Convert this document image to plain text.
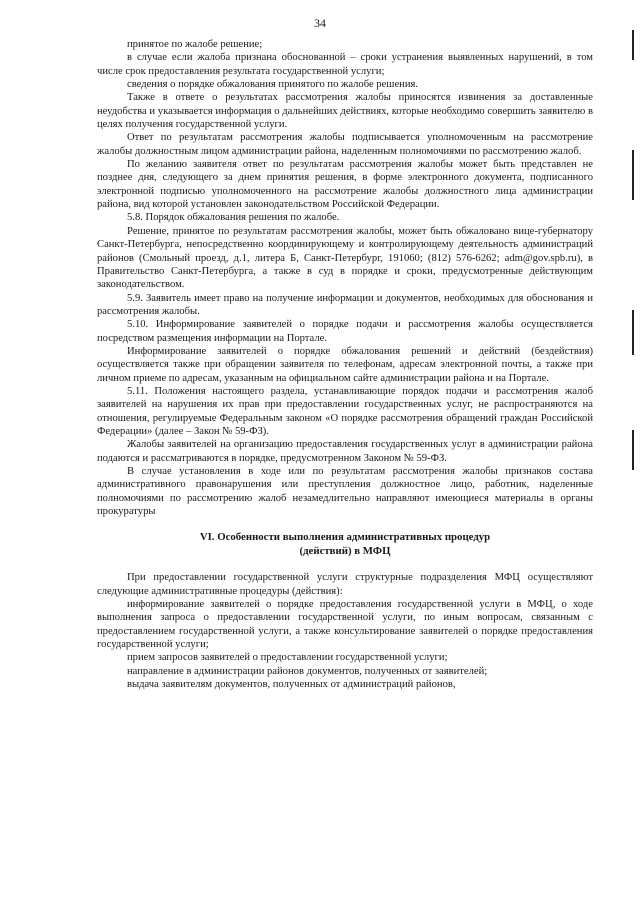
34

принятое по жалобе решение;

в случае если жалоба признана обоснованной – сроки устранения выявленных нарушений, в том числе срок предоставления результата государственной услуги;

сведения о порядке обжалования принятого по жалобе решения.

Также в ответе о результатах рассмотрения жалобы приносятся извинения за доставленные неудобства и указывается информация о дальнейших действиях, которые необходимо совершить заявителю в целях получения государственной услуги.

Ответ по результатам рассмотрения жалобы подписывается уполномоченным на рассмотрение жалобы должностным лицом администрации района, наделенным полномочиями по рассмотрению жалоб.

По желанию заявителя ответ по результатам рассмотрения жалобы может быть представлен не позднее дня, следующего за днем принятия решения, в форме электронного документа, подписанного электронной подписью уполномоченного на рассмотрение жалобы должностного лица администрации района, вид которой установлен законодательством Российской Федерации.

5.8. Порядок обжалования решения по жалобе.

Решение, принятое по результатам рассмотрения жалобы, может быть обжаловано вице-губернатору Санкт-Петербурга, непосредственно координирующему и контролирующему деятельность администраций районов (Смольный проезд, д.1, литера Б, Санкт-Петербург, 191060; (812) 576-6262; adm@gov.spb.ru), в Правительство Санкт-Петербурга, а также в суд в порядке и сроки, предусмотренные действующим законодательством.

5.9. Заявитель имеет право на получение информации и документов, необходимых для обоснования и рассмотрения жалобы.

5.10. Информирование заявителей о порядке подачи и рассмотрения жалобы осуществляется посредством размещения информации на Портале.

Информирование заявителей о порядке обжалования решений и действий (бездействия) осуществляется также при обращении заявителя по телефонам, адресам электронной почты, а также при личном приеме по адресам, указанным на официальном сайте администрации района и на Портале.

5.11. Положения настоящего раздела, устанавливающие порядок подачи и рассмотрения жалоб заявителей на нарушения их прав при предоставлении государственных услуг, не распространяются на отношения, регулируемые Федеральным законом «О порядке рассмотрения обращений граждан Российской Федерации» (далее – Закон № 59-ФЗ).

Жалобы заявителей на организацию предоставления государственных услуг в администрации района подаются и рассматриваются в порядке, предусмотренном Законом № 59-ФЗ.

В случае установления в ходе или по результатам рассмотрения жалобы признаков состава административного правонарушения или преступления должностное лицо, работник, наделенные полномочиями по рассмотрению жалоб незамедлительно направляют имеющиеся материалы в органы прокуратуры

VI. Особенности выполнения административных процедур
(действий) в МФЦ

При предоставлении государственной услуги структурные подразделения МФЦ осуществляют следующие административные процедуры (действия):

информирование заявителей о порядке предоставления государственной услуги в МФЦ, о ходе выполнения запроса о предоставлении государственной услуги, по иным вопросам, связанным с предоставлением государственной услуги, а также консультирование заявителей о порядке предоставления государственной услуги;

прием запросов заявителей о предоставлении государственной услуги;

направление в администрации районов документов, полученных от заявителей;

выдача заявителям документов, полученных от администраций районов,
